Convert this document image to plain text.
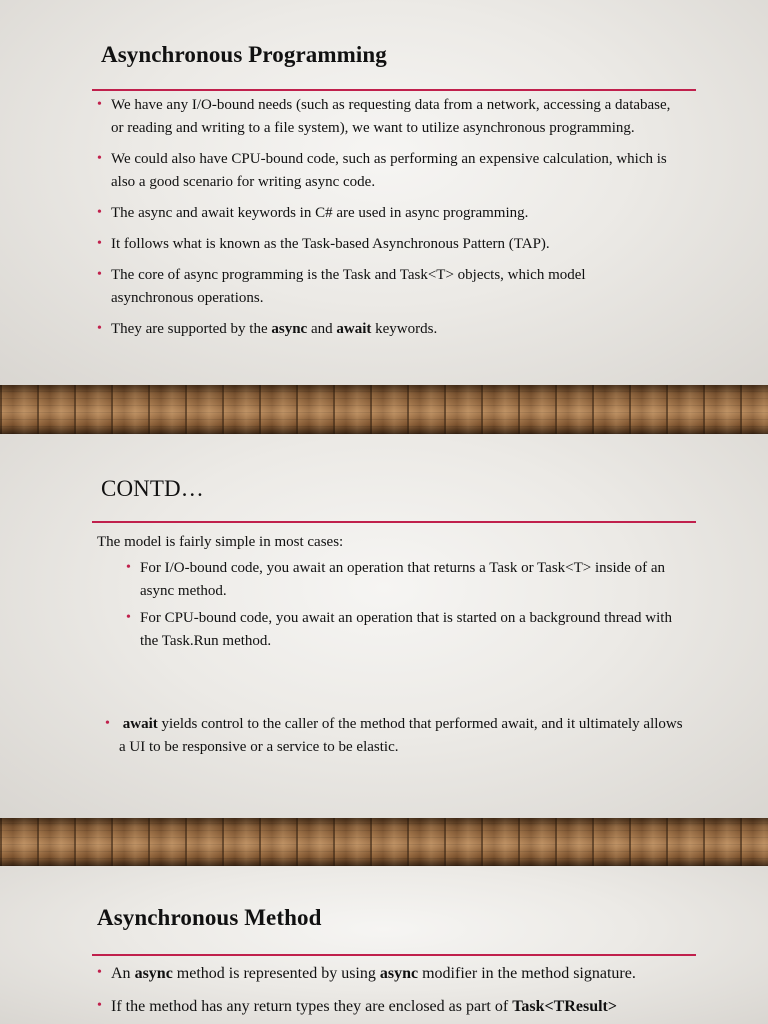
Asynchronous Programming
• We have any I/O-bound needs (such as requesting data from a network, accessing a database, or reading and writing to a file system), we want to utilize asynchronous programming.
• We could also have CPU-bound code, such as performing an expensive calculation, which is also a good scenario for writing async code.
• The async and await keywords in C# are used in async programming.
• It follows what is known as the Task-based Asynchronous Pattern (TAP).
• The core of async programming is the Task and Task<T> objects, which model asynchronous operations.
• They are supported by the async and await keywords.
CONTD…
The model is fairly simple in most cases:
• For I/O-bound code, you await an operation that returns a Task or Task<T> inside of an async method.
• For CPU-bound code, you await an operation that is started on a background thread with the Task.Run method.
• await yields control to the caller of the method that performed await, and it ultimately allows a UI to be responsive or a service to be elastic.
Asynchronous Method
• An async method is represented by using async modifier in the method signature.
• If the method has any return types they are enclosed as part of Task<TResult>
